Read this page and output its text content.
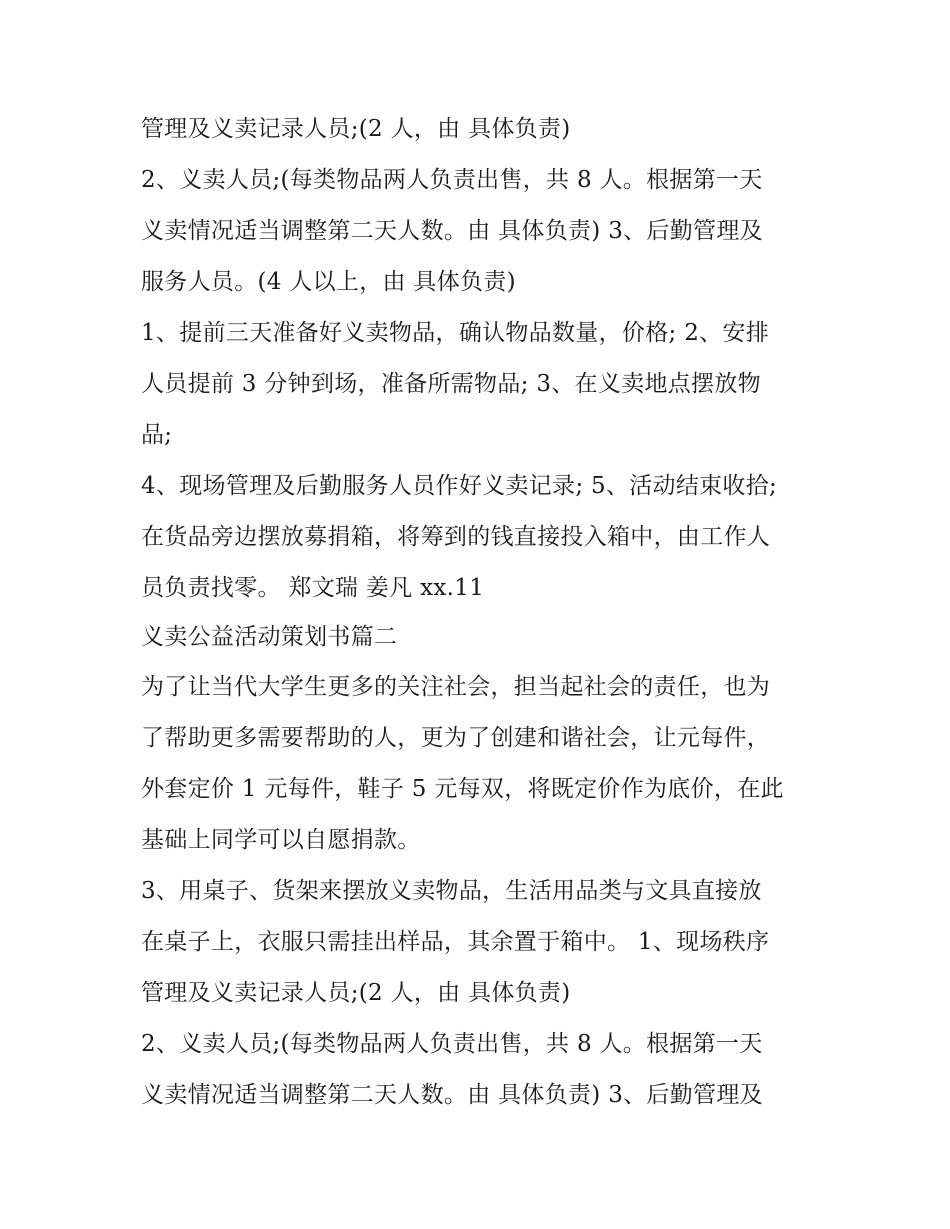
管理及义卖记录人员;(2 人，由 具体负责)
2、义卖人员;(每类物品两人负责出售，共 8 人。根据第一天
义卖情况适当调整第二天人数。由 具体负责) 3、后勤管理及
服务人员。(4 人以上，由 具体负责)
1、提前三天准备好义卖物品，确认物品数量，价格; 2、安排
人员提前 3 分钟到场，准备所需物品; 3、在义卖地点摆放物
品;
4、现场管理及后勤服务人员作好义卖记录; 5、活动结束收拾;
在货品旁边摆放募捐箱，将筹到的钱直接投入箱中，由工作人
员负责找零。 郑文瑞 姜凡 xx.11
义卖公益活动策划书篇二
为了让当代大学生更多的关注社会，担当起社会的责任，也为
了帮助更多需要帮助的人，更为了创建和谐社会，让元每件，
外套定价 1 元每件，鞋子 5 元每双，将既定价作为底价，在此
基础上同学可以自愿捐款。
3、用桌子、货架来摆放义卖物品，生活用品类与文具直接放
在桌子上，衣服只需挂出样品，其余置于箱中。 1、现场秩序
管理及义卖记录人员;(2 人，由 具体负责)
2、义卖人员;(每类物品两人负责出售，共 8 人。根据第一天
义卖情况适当调整第二天人数。由 具体负责) 3、后勤管理及
